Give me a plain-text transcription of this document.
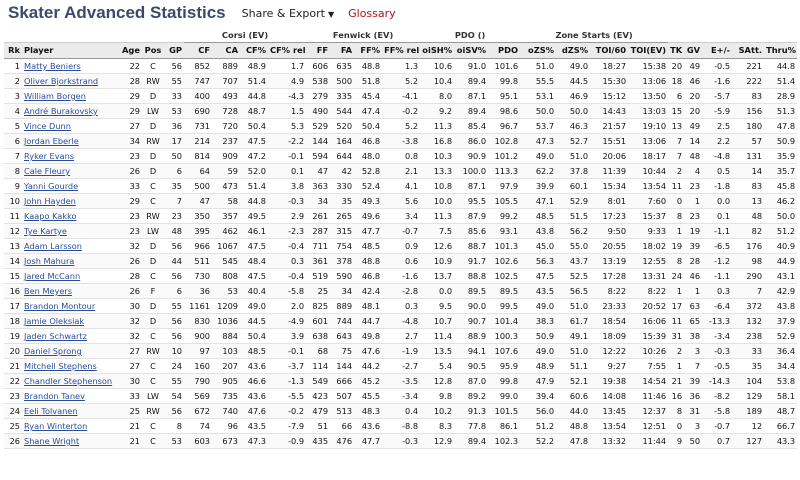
Skater Advanced Statistics Share & Export ▼ Glossary
					Corsi (EV)				Fenwick (EV)				PDO ()			Zone Starts (EV)								
Rk	Player	Age	Pos	GP	CF	CA	CF%	CF% rel	FF	FA	FF%	FF% rel	oiSH%	oiSV%	PDO	oZS%	dZS%	TOI/60	TOI(EV)	TK	GV	E+/-	SAtt.	Thru%
1	Matty Beniers	22	C	56	852	889	48.9	1.7	606	635	48.8	1.3	10.6	91.0	101.6	51.0	49.0	18:27	15:38	20	49	-0.5	221	44.8
2	Oliver Bjorkstrand	28	RW	55	747	707	51.4	4.9	538	500	51.8	5.2	10.4	89.4	99.8	55.5	44.5	15:30	13:06	18	46	-1.6	222	51.4
3	William Borgen	29	D	33	400	493	44.8	-4.3	279	335	45.4	-4.1	8.0	87.1	95.1	53.1	46.9	15:12	13:50	6	20	-5.7	83	28.9
4	André Burakovsky	29	LW	53	690	728	48.7	1.5	490	544	47.4	-0.2	9.2	89.4	98.6	50.0	50.0	14:43	13:03	15	20	-5.9	156	51.3
5	Vince Dunn	27	D	36	731	720	50.4	5.3	529	520	50.4	5.2	11.3	85.4	96.7	53.7	46.3	21:57	19:10	13	49	2.5	180	47.8
6	Jordan Eberle	34	RW	17	214	237	47.5	-2.2	144	164	46.8	-3.8	16.8	86.0	102.8	47.3	52.7	15:51	13:06	7	14	2.2	57	50.9
7	Ryker Evans	23	D	50	814	909	47.2	-0.1	594	644	48.0	0.8	10.3	90.9	101.2	49.0	51.0	20:06	18:17	7	48	-4.8	131	35.9
8	Cale Fleury	26	D	6	64	59	52.0	0.1	47	42	52.8	2.1	13.3	100.0	113.3	62.2	37.8	11:39	10:44	2	4	0.5	14	35.7
9	Yanni Gourde	33	C	35	500	473	51.4	3.8	363	330	52.4	4.1	10.8	87.1	97.9	39.9	60.1	15:34	13:54	11	23	-1.8	83	45.8
10	John Hayden	29	C	7	47	58	44.8	-0.3	34	35	49.3	5.6	10.0	95.5	105.5	47.1	52.9	8:01	7:60	0	1	0.0	13	46.2
11	Kaapo Kakko	23	RW	23	350	357	49.5	2.9	261	265	49.6	3.4	11.3	87.9	99.2	48.5	51.5	17:23	15:37	8	23	0.1	48	50.0
12	Tye Kartye	23	LW	48	395	462	46.1	-2.3	287	315	47.7	-0.7	7.5	85.6	93.1	43.8	56.2	9:50	9:33	1	19	-1.1	82	51.2
13	Adam Larsson	32	D	56	966	1067	47.5	-0.4	711	754	48.5	0.9	12.6	88.7	101.3	45.0	55.0	20:55	18:02	19	39	-6.5	176	40.9
14	Josh Mahura	26	D	44	511	545	48.4	0.3	361	378	48.8	0.6	10.9	91.7	102.6	56.3	43.7	13:19	12:55	8	28	-1.2	98	44.9
15	Jared McCann	28	C	56	730	808	47.5	-0.4	519	590	46.8	-1.6	13.7	88.8	102.5	47.5	52.5	17:28	13:31	24	46	-1.1	290	43.1
16	Ben Meyers	26	F	6	36	53	40.4	-5.8	25	34	42.4	-2.8	0.0	89.5	89.5	43.5	56.5	8:22	8:22	1	1	0.3	7	42.9
17	Brandon Montour	30	D	55	1161	1209	49.0	2.0	825	889	48.1	0.3	9.5	90.0	99.5	49.0	51.0	23:33	20:52	17	63	-6.4	372	43.8
18	Jamie Oleksiak	32	D	56	830	1036	44.5	-4.9	601	744	44.7	-4.8	10.7	90.7	101.4	38.3	61.7	18:54	16:06	11	65	-13.3	132	37.9
19	Jaden Schwartz	32	C	56	900	884	50.4	3.9	638	643	49.8	2.7	11.4	88.9	100.3	50.9	49.1	18:09	15:39	31	38	-3.4	238	52.9
20	Daniel Sprong	27	RW	10	97	103	48.5	-0.1	68	75	47.6	-1.9	13.5	94.1	107.6	49.0	51.0	12:22	10:26	2	3	-0.3	33	36.4
21	Mitchell Stephens	27	C	24	160	207	43.6	-3.7	114	144	44.2	-2.7	5.4	90.5	95.9	48.9	51.1	9:27	7:55	1	7	-0.5	35	34.4
22	Chandler Stephenson	30	C	55	790	905	46.6	-1.3	549	666	45.2	-3.5	12.8	87.0	99.8	47.9	52.1	19:38	14:54	21	39	-14.3	104	53.8
23	Brandon Tanev	33	LW	54	569	735	43.6	-5.5	423	507	45.5	-3.4	9.8	89.2	99.0	39.4	60.6	14:08	11:46	16	36	-8.2	129	58.1
24	Eeli Tolvanen	25	RW	56	672	740	47.6	-0.2	479	513	48.3	0.4	10.2	91.3	101.5	56.0	44.0	13:45	12:37	8	31	-5.8	189	48.7
25	Ryan Winterton	21	C	8	74	96	43.5	-7.9	51	66	43.6	-8.8	8.3	77.8	86.1	51.2	48.8	13:54	12:51	0	3	-0.7	12	66.7
26	Shane Wright	21	C	53	603	673	47.3	-0.9	435	476	47.7	-0.3	12.9	89.4	102.3	52.2	47.8	13:32	11:44	9	50	0.7	127	43.3
